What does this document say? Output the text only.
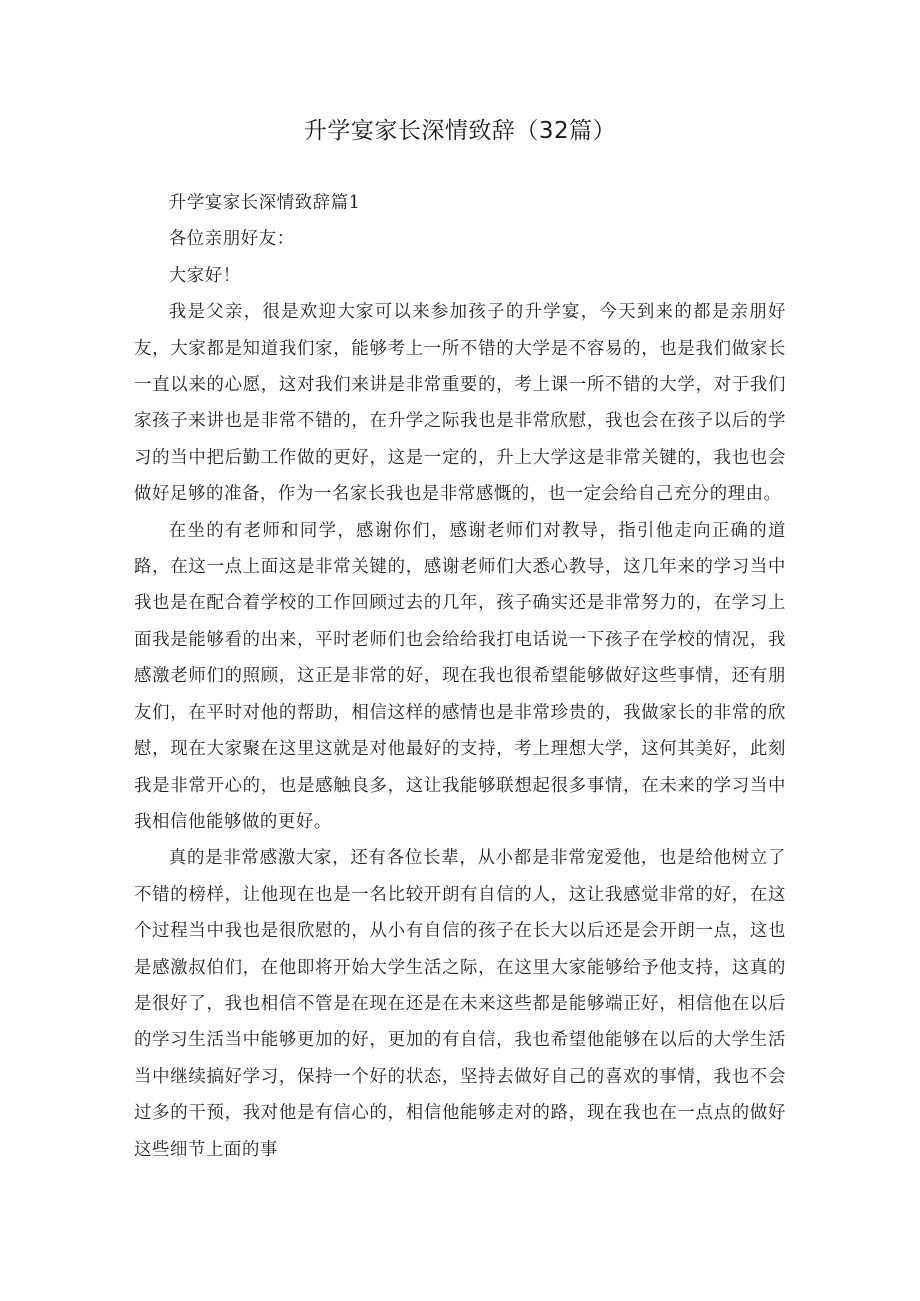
升学宴家长深情致辞（32篇）

升学宴家长深情致辞篇1

各位亲朋好友：

大家好！

我是父亲，很是欢迎大家可以来参加孩子的升学宴，今天到来的都是亲朋好友，大家都是知道我们家，能够考上一所不错的大学是不容易的，也是我们做家长一直以来的心愿，这对我们来讲是非常重要的，考上课一所不错的大学，对于我们家孩子来讲也是非常不错的，在升学之际我也是非常欣慰，我也会在孩子以后的学习的当中把后勤工作做的更好，这是一定的，升上大学这是非常关键的，我也也会做好足够的准备，作为一名家长我也是非常感慨的，也一定会给自己充分的理由。

在坐的有老师和同学，感谢你们，感谢老师们对教导，指引他走向正确的道路，在这一点上面这是非常关键的，感谢老师们大悉心教导，这几年来的学习当中我也是在配合着学校的工作回顾过去的几年，孩子确实还是非常努力的，在学习上面我是能够看的出来，平时老师们也会给给我打电话说一下孩子在学校的情况，我感激老师们的照顾，这正是非常的好，现在我也很希望能够做好这些事情，还有朋友们，在平时对他的帮助，相信这样的感情也是非常珍贵的，我做家长的非常的欣慰，现在大家聚在这里这就是对他最好的支持，考上理想大学，这何其美好，此刻我是非常开心的，也是感触良多，这让我能够联想起很多事情，在未来的学习当中我相信他能够做的更好。

真的是非常感激大家，还有各位长辈，从小都是非常宠爱他，也是给他树立了不错的榜样，让他现在也是一名比较开朗有自信的人，这让我感觉非常的好，在这个过程当中我也是很欣慰的，从小有自信的孩子在长大以后还是会开朗一点，这也是感激叔伯们，在他即将开始大学生活之际，在这里大家能够给予他支持，这真的是很好了，我也相信不管是在现在还是在未来这些都是能够端正好，相信他在以后的学习生活当中能够更加的好，更加的有自信，我也希望他能够在以后的大学生活当中继续搞好学习，保持一个好的状态，坚持去做好自己的喜欢的事情，我也不会过多的干预，我对他是有信心的，相信他能够走对的路，现在我也在一点点的做好这些细节上面的事
